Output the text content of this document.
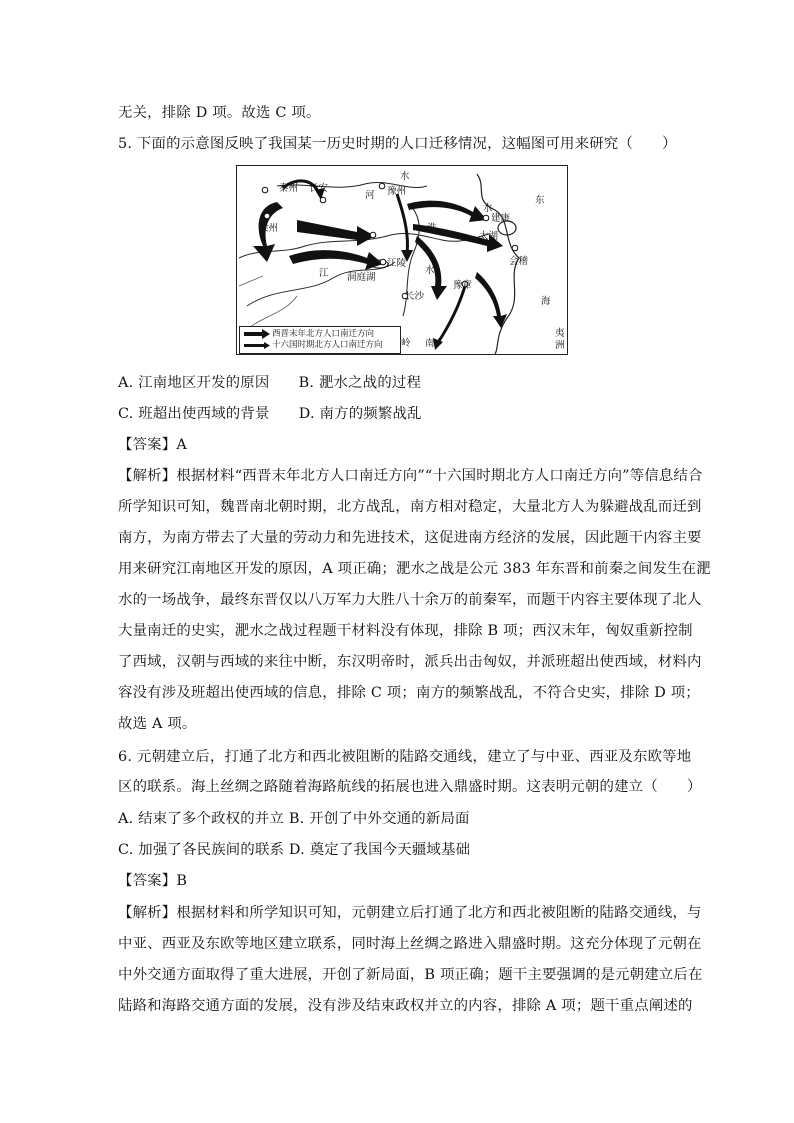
无关，排除 D 项。故选 C 项。
5. 下面的示意图反映了我国某一历史时期的人口迁移情况，这幅图可用来研究（　　）
秦州 长安
河
水
豫州
东
水
建康
梁州	淮
太湖
会稽
江陵
江 洞庭湖
水
海
豫章
长沙
岭 南
夷
洲
西晋末年北方人口南迁方向
十六国时期北方人口南迁方向
A. 江南地区开发的原因　　B. 淝水之战的过程
C. 班超出使西域的背景　　D. 南方的频繁战乱
【答案】A
【解析】根据材料“西晋末年北方人口南迁方向”“十六国时期北方人口南迁方向”等信息结合
所学知识可知，魏晋南北朝时期，北方战乱，南方相对稳定，大量北方人为躲避战乱而迁到
南方，为南方带去了大量的劳动力和先进技术，这促进南方经济的发展，因此题干内容主要
用来研究江南地区开发的原因，A 项正确；淝水之战是公元 383 年东晋和前秦之间发生在淝
水的一场战争，最终东晋仅以八万军力大胜八十余万的前秦军，而题干内容主要体现了北人
大量南迁的史实，淝水之战过程题干材料没有体现，排除 B 项；西汉末年，匈奴重新控制
了西域，汉朝与西域的来往中断，东汉明帝时，派兵出击匈奴，并派班超出使西域，材料内
容没有涉及班超出使西域的信息，排除 C 项；南方的频繁战乱，不符合史实，排除 D 项；
故选 A 项。
6. 元朝建立后，打通了北方和西北被阻断的陆路交通线，建立了与中亚、西亚及东欧等地
区的联系。海上丝绸之路随着海路航线的拓展也进入鼎盛时期。这表明元朝的建立（　　）
A. 结束了多个政权的并立 B. 开创了中外交通的新局面
C. 加强了各民族间的联系 D. 奠定了我国今天疆域基础
【答案】B
【解析】根据材料和所学知识可知，元朝建立后打通了北方和西北被阻断的陆路交通线，与
中亚、西亚及东欧等地区建立联系，同时海上丝绸之路进入鼎盛时期。这充分体现了元朝在
中外交通方面取得了重大进展，开创了新局面，B 项正确；题干主要强调的是元朝建立后在
陆路和海路交通方面的发展，没有涉及结束政权并立的内容，排除 A 项；题干重点阐述的
